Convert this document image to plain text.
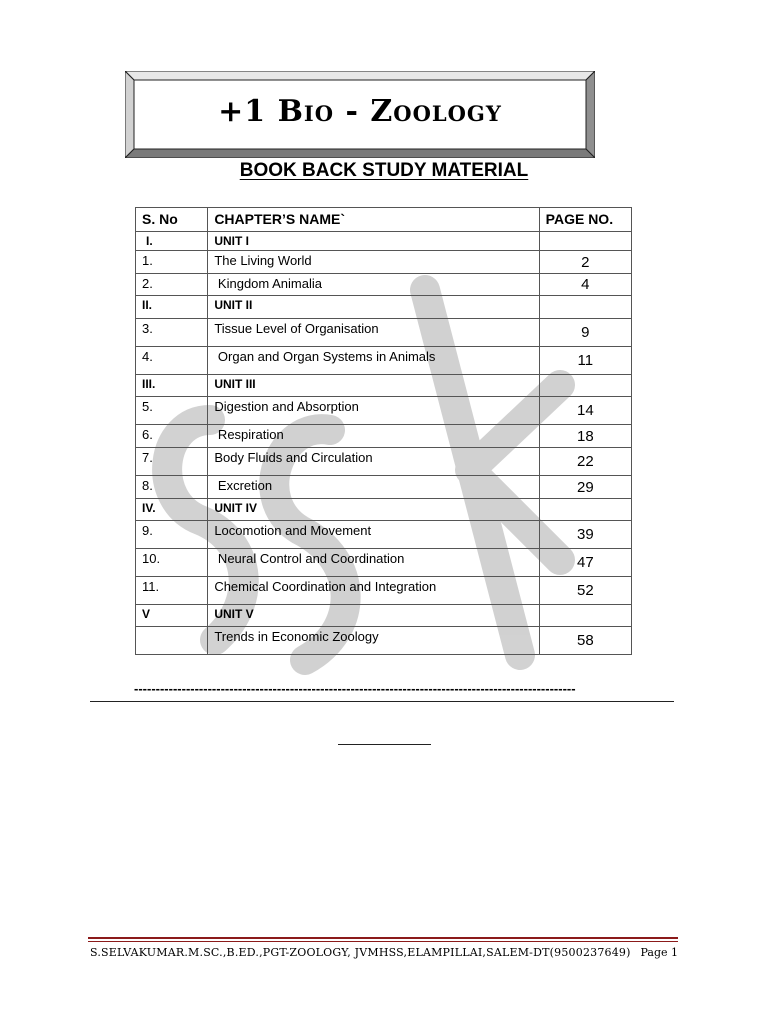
+1 Bio - Zoology
BOOK BACK STUDY MATERIAL
S. No	CHAPTER’S NAME`	PAGE NO.
I.	UNIT I	
1.	The Living World	2
2.	Kingdom Animalia	4
II.	UNIT II	
3.	Tissue Level of Organisation	9
4.	Organ and Organ Systems in Animals	11
III.	UNIT III	
5.	Digestion and Absorption	14
6.	Respiration	18
7.	Body Fluids and Circulation	22
8.	Excretion	29
IV.	UNIT IV	
9.	Locomotion and Movement	39
10.	Neural Control and Coordination	47
11.	Chemical Coordination and Integration	52
V	UNIT V	
	Trends in Economic Zoology	58
------------------------------------------------------------------------------------------------------
S.SELVAKUMAR.M.SC.,B.ED.,PGT-ZOOLOGY, JVMHSS,ELAMPILLAI,SALEM-DT(9500237649) Page 1
